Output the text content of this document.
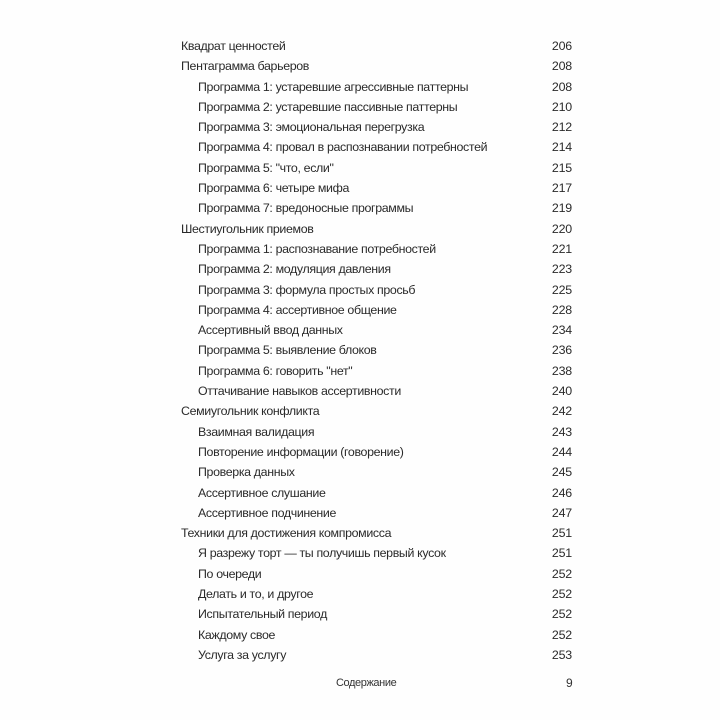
Квадрат ценностей	206
Пентаграмма барьеров	208
Программа 1: устаревшие агрессивные паттерны	208
Программа 2: устаревшие пассивные паттерны	210
Программа 3: эмоциональная перегрузка	212
Программа 4: провал в распознавании потребностей	214
Программа 5: "что, если"	215
Программа 6: четыре мифа	217
Программа 7: вредоносные программы	219
Шестиугольник приемов	220
Программа 1: распознавание потребностей	221
Программа 2: модуляция давления	223
Программа 3: формула простых просьб	225
Программа 4: ассертивное общение	228
Ассертивный ввод данных	234
Программа 5: выявление блоков	236
Программа 6: говорить "нет"	238
Оттачивание навыков ассертивности	240
Семиугольник конфликта	242
Взаимная валидация	243
Повторение информации (говорение)	244
Проверка данных	245
Ассертивное слушание	246
Ассертивное подчинение	247
Техники для достижения компромисса	251
Я разрежу торт — ты получишь первый кусок	251
По очереди	252
Делать и то, и другое	252
Испытательный период	252
Каждому свое	252
Услуга за услугу	253
Содержание	9
